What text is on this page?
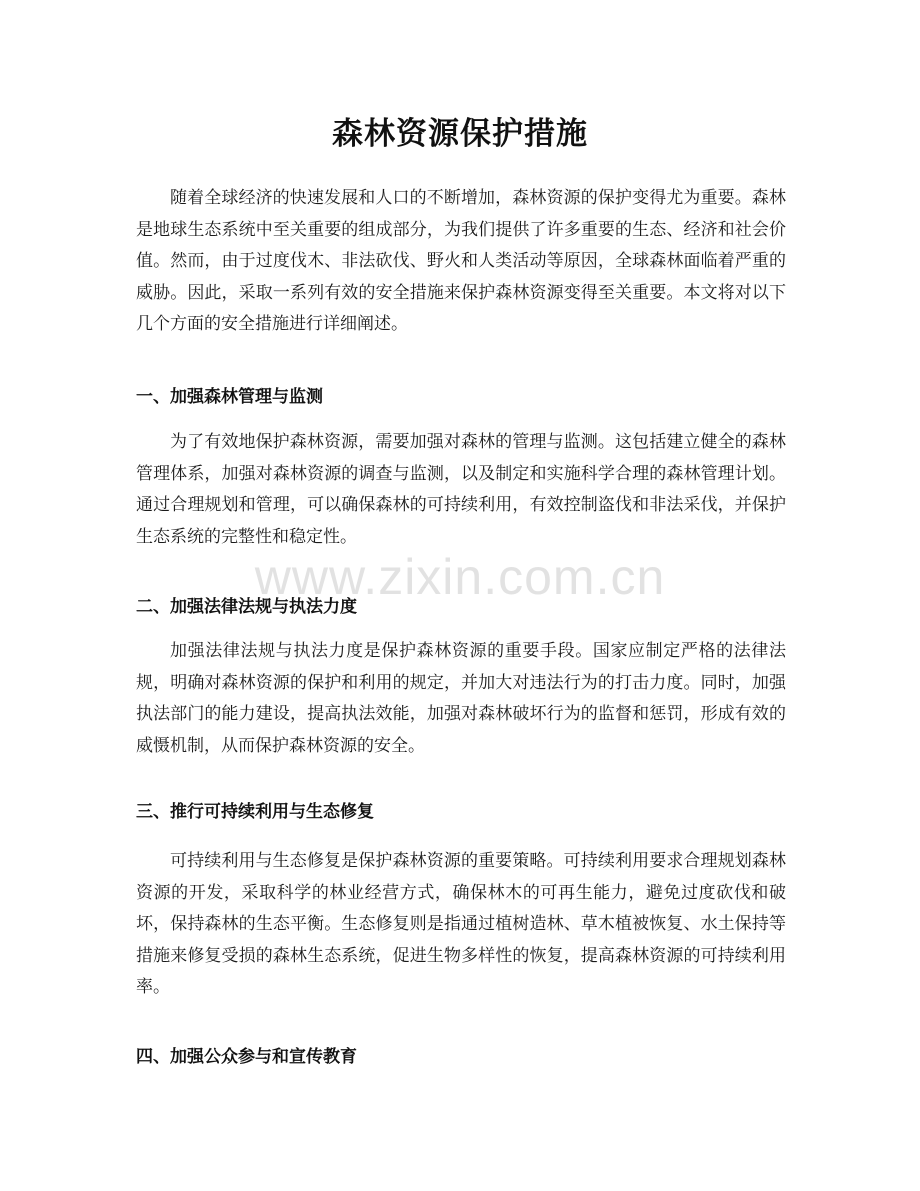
森林资源保护措施

随着全球经济的快速发展和人口的不断增加，森林资源的保护变得尤为重要。森林是地球生态系统中至关重要的组成部分，为我们提供了许多重要的生态、经济和社会价值。然而，由于过度伐木、非法砍伐、野火和人类活动等原因，全球森林面临着严重的威胁。因此，采取一系列有效的安全措施来保护森林资源变得至关重要。本文将对以下几个方面的安全措施进行详细阐述。

一、加强森林管理与监测

为了有效地保护森林资源，需要加强对森林的管理与监测。这包括建立健全的森林管理体系，加强对森林资源的调查与监测，以及制定和实施科学合理的森林管理计划。通过合理规划和管理，可以确保森林的可持续利用，有效控制盗伐和非法采伐，并保护生态系统的完整性和稳定性。

二、加强法律法规与执法力度

加强法律法规与执法力度是保护森林资源的重要手段。国家应制定严格的法律法规，明确对森林资源的保护和利用的规定，并加大对违法行为的打击力度。同时，加强执法部门的能力建设，提高执法效能，加强对森林破坏行为的监督和惩罚，形成有效的威慑机制，从而保护森林资源的安全。

三、推行可持续利用与生态修复

可持续利用与生态修复是保护森林资源的重要策略。可持续利用要求合理规划森林资源的开发，采取科学的林业经营方式，确保林木的可再生能力，避免过度砍伐和破坏，保持森林的生态平衡。生态修复则是指通过植树造林、草木植被恢复、水土保持等措施来修复受损的森林生态系统，促进生物多样性的恢复，提高森林资源的可持续利用率。

四、加强公众参与和宣传教育
www.zixin.com.cn
